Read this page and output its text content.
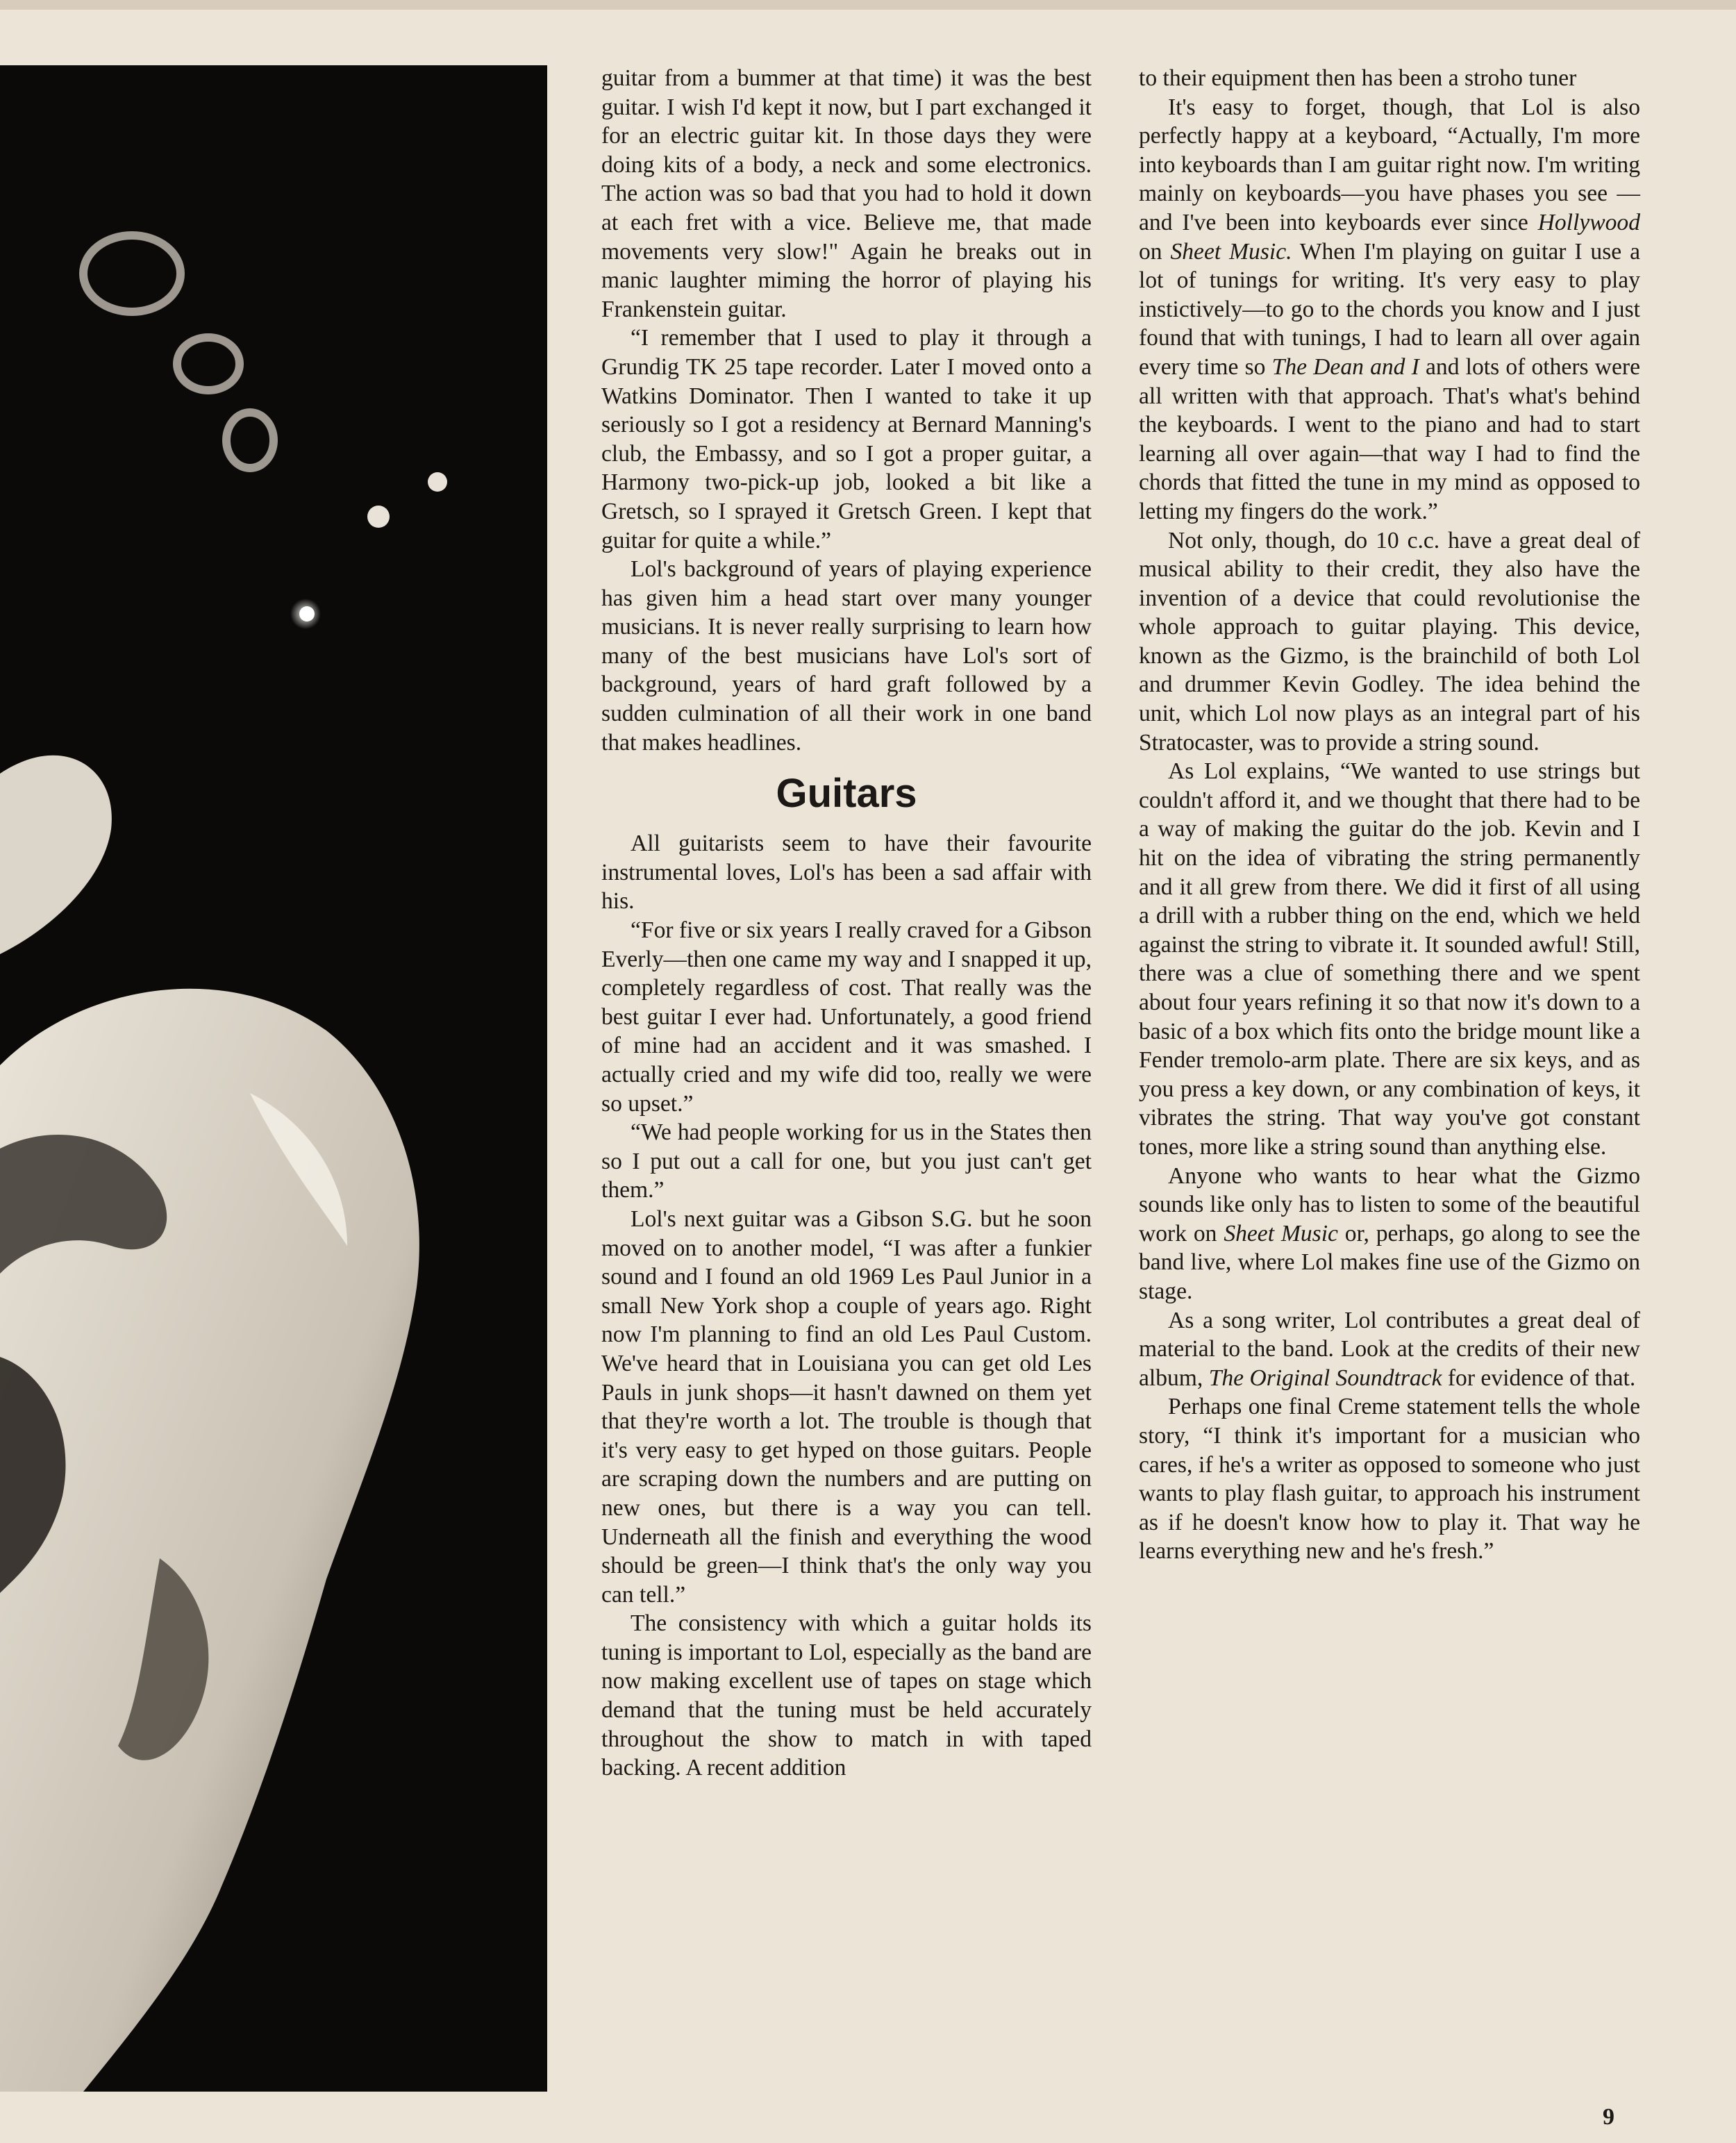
guitar from a bummer at that time) it was the best guitar. I wish I'd kept it now, but I part exchanged it for an electric guitar kit. In those days they were doing kits of a body, a neck and some electronics. The action was so bad that you had to hold it down at each fret with a vice. Believe me, that made movements very slow!" Again he breaks out in manic laughter miming the horror of playing his Frankenstein guitar.

“I remember that I used to play it through a Grundig TK 25 tape recorder. Later I moved onto a Watkins Dominator. Then I wanted to take it up seriously so I got a residency at Bernard Manning's club, the Embassy, and so I got a proper guitar, a Harmony two-pick-up job, looked a bit like a Gretsch, so I sprayed it Gretsch Green. I kept that guitar for quite a while.”

Lol's background of years of playing experience has given him a head start over many younger musicians. It is never really surprising to learn how many of the best musicians have Lol's sort of background, years of hard graft followed by a sudden culmination of all their work in one band that makes headlines.

Guitars

All guitarists seem to have their favourite instrumental loves, Lol's has been a sad affair with his.

“For five or six years I really craved for a Gibson Everly—then one came my way and I snapped it up, completely regardless of cost. That really was the best guitar I ever had. Unfortunately, a good friend of mine had an accident and it was smashed. I actually cried and my wife did too, really we were so upset.”

“We had people working for us in the States then so I put out a call for one, but you just can't get them.”

Lol's next guitar was a Gibson S.G. but he soon moved on to another model, “I was after a funkier sound and I found an old 1969 Les Paul Junior in a small New York shop a couple of years ago. Right now I'm planning to find an old Les Paul Custom. We've heard that in Louisiana you can get old Les Pauls in junk shops—it hasn't dawned on them yet that they're worth a lot. The trouble is though that it's very easy to get hyped on those guitars. People are scraping down the numbers and are putting on new ones, but there is a way you can tell. Underneath all the finish and everything the wood should be green—I think that's the only way you can tell.”

The consistency with which a guitar holds its tuning is important to Lol, especially as the band are now making excellent use of tapes on stage which demand that the tuning must be held accurately throughout the show to match in with taped backing. A recent addition

to their equipment then has been a stroho tuner

It's easy to forget, though, that Lol is also perfectly happy at a keyboard, “Actually, I'm more into keyboards than I am guitar right now. I'm writing mainly on keyboards—you have phases you see —and I've been into keyboards ever since Hollywood on Sheet Music. When I'm playing on guitar I use a lot of tunings for writing. It's very easy to play instictively—to go to the chords you know and I just found that with tunings, I had to learn all over again every time so The Dean and I and lots of others were all written with that approach. That's what's behind the keyboards. I went to the piano and had to start learning all over again—that way I had to find the chords that fitted the tune in my mind as opposed to letting my fingers do the work.”

Not only, though, do 10 c.c. have a great deal of musical ability to their credit, they also have the invention of a device that could revolutionise the whole approach to guitar playing. This device, known as the Gizmo, is the brainchild of both Lol and drummer Kevin Godley. The idea behind the unit, which Lol now plays as an integral part of his Stratocaster, was to provide a string sound.

As Lol explains, “We wanted to use strings but couldn't afford it, and we thought that there had to be a way of making the guitar do the job. Kevin and I hit on the idea of vibrating the string permanently and it all grew from there. We did it first of all using a drill with a rubber thing on the end, which we held against the string to vibrate it. It sounded awful! Still, there was a clue of something there and we spent about four years refining it so that now it's down to a basic of a box which fits onto the bridge mount like a Fender tremolo-arm plate. There are six keys, and as you press a key down, or any combination of keys, it vibrates the string. That way you've got constant tones, more like a string sound than anything else.

Anyone who wants to hear what the Gizmo sounds like only has to listen to some of the beautiful work on Sheet Music or, perhaps, go along to see the band live, where Lol makes fine use of the Gizmo on stage.

As a song writer, Lol contributes a great deal of material to the band. Look at the credits of their new album, The Original Soundtrack for evidence of that.

Perhaps one final Creme statement tells the whole story, “I think it's important for a musician who cares, if he's a writer as opposed to someone who just wants to play flash guitar, to approach his instrument as if he doesn't know how to play it. That way he learns everything new and he's fresh.”

9
